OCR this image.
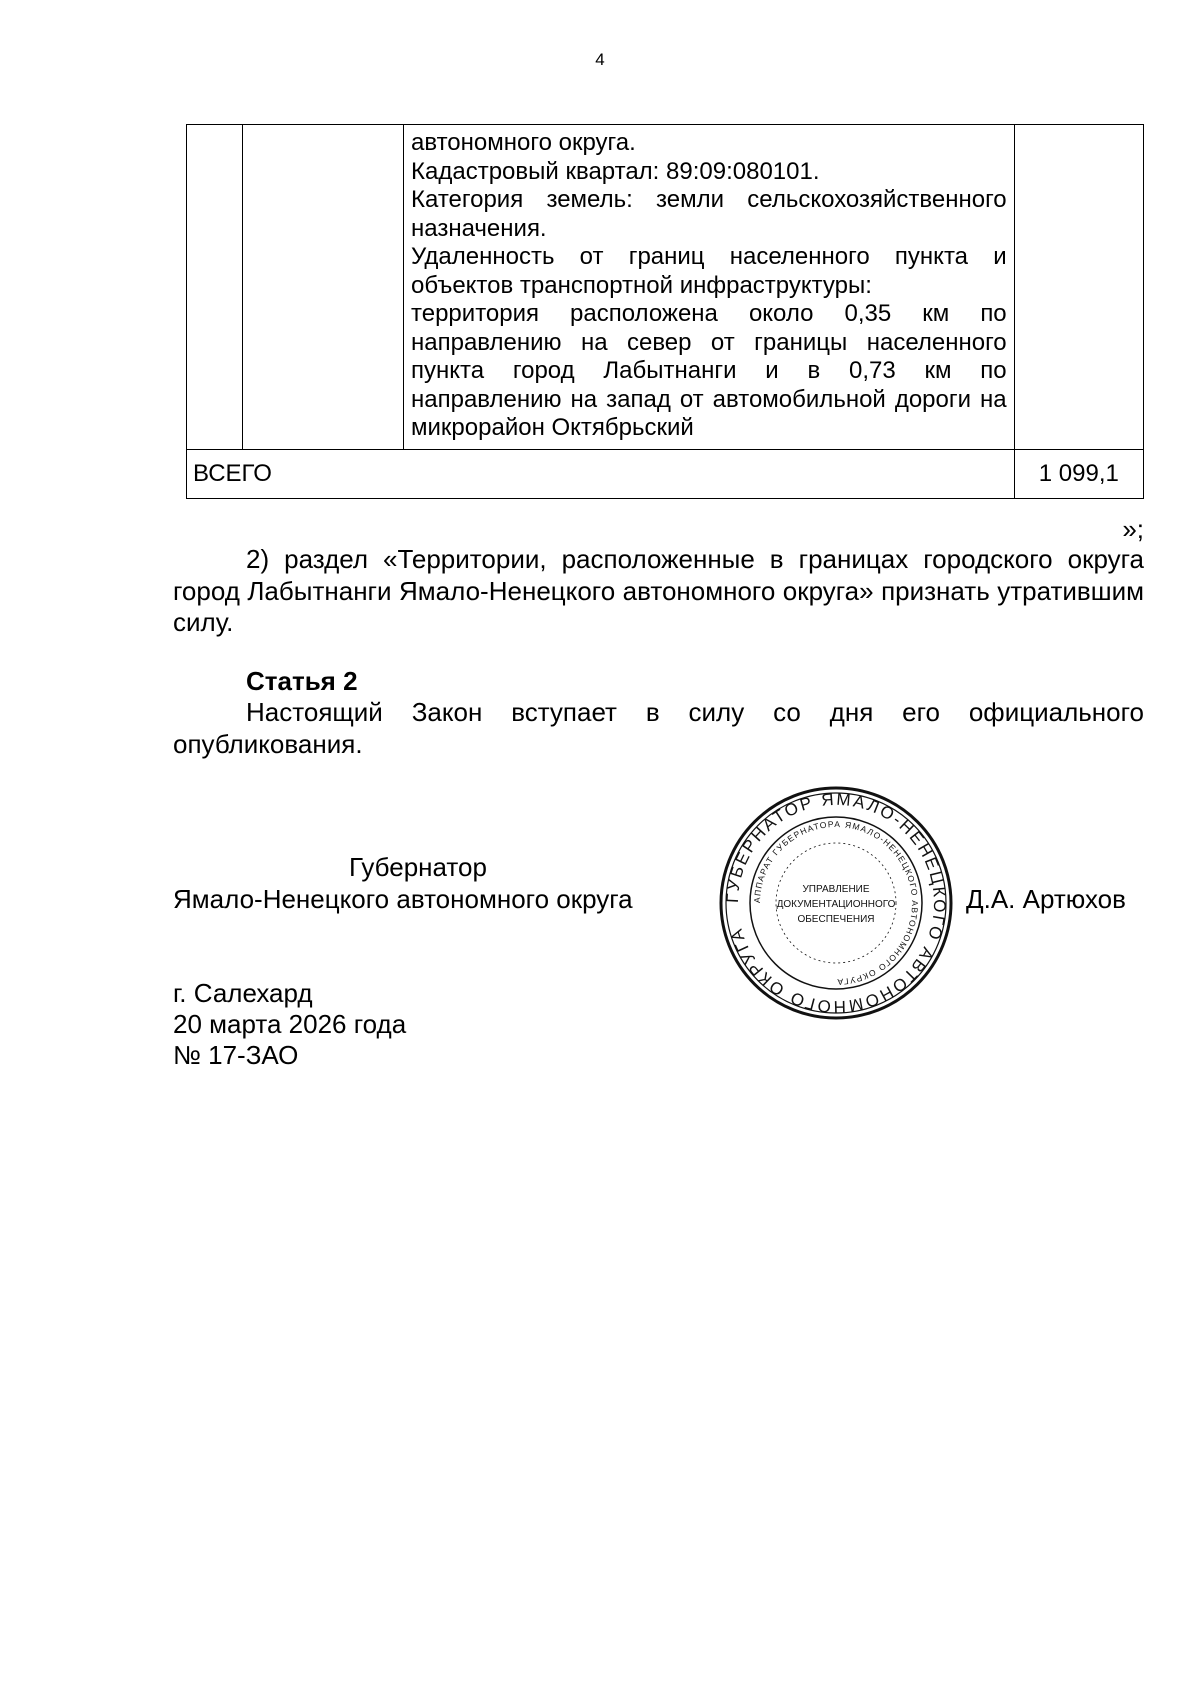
4

		автономного округа.
Кадастровый квартал: 89:09:080101.
Категория земель: земли сельскохозяйственного назначения.
Удаленность от границ населенного пункта и объектов транспортной инфраструктуры:
территория расположена около 0,35 км по направлению на север от границы населенного пункта город Лабытнанги и в 0,73 км по направлению на запад от автомобильной дороги на микрорайон Октябрьский	

ВСЕГО			1 099,1
»;

2) раздел «Территории, расположенные в границах городского округа город Лабытнанги Ямало-Ненецкого автономного округа» признать утратившим силу.

Статья 2

Настоящий Закон вступает в силу со дня его официального опубликования.

Губернатор
Ямало-Ненецкого автономного округа	ГУБЕРНАТОР ЯМАЛО-НЕНЕЦКОГО АВТОНОМНОГО ОКРУГА
АППАРАТ ГУБЕРНАТОРА ЯМАЛО-НЕНЕЦКОГО АВТОНОМНОГО ОКРУГА
УПРАВЛЕНИЕ
ДОКУМЕНТАЦИОННОГО
ОБЕСПЕЧЕНИЯ
Д.А. Артюхов
г. Салехард
20 марта 2026 года
№ 17-ЗАО
